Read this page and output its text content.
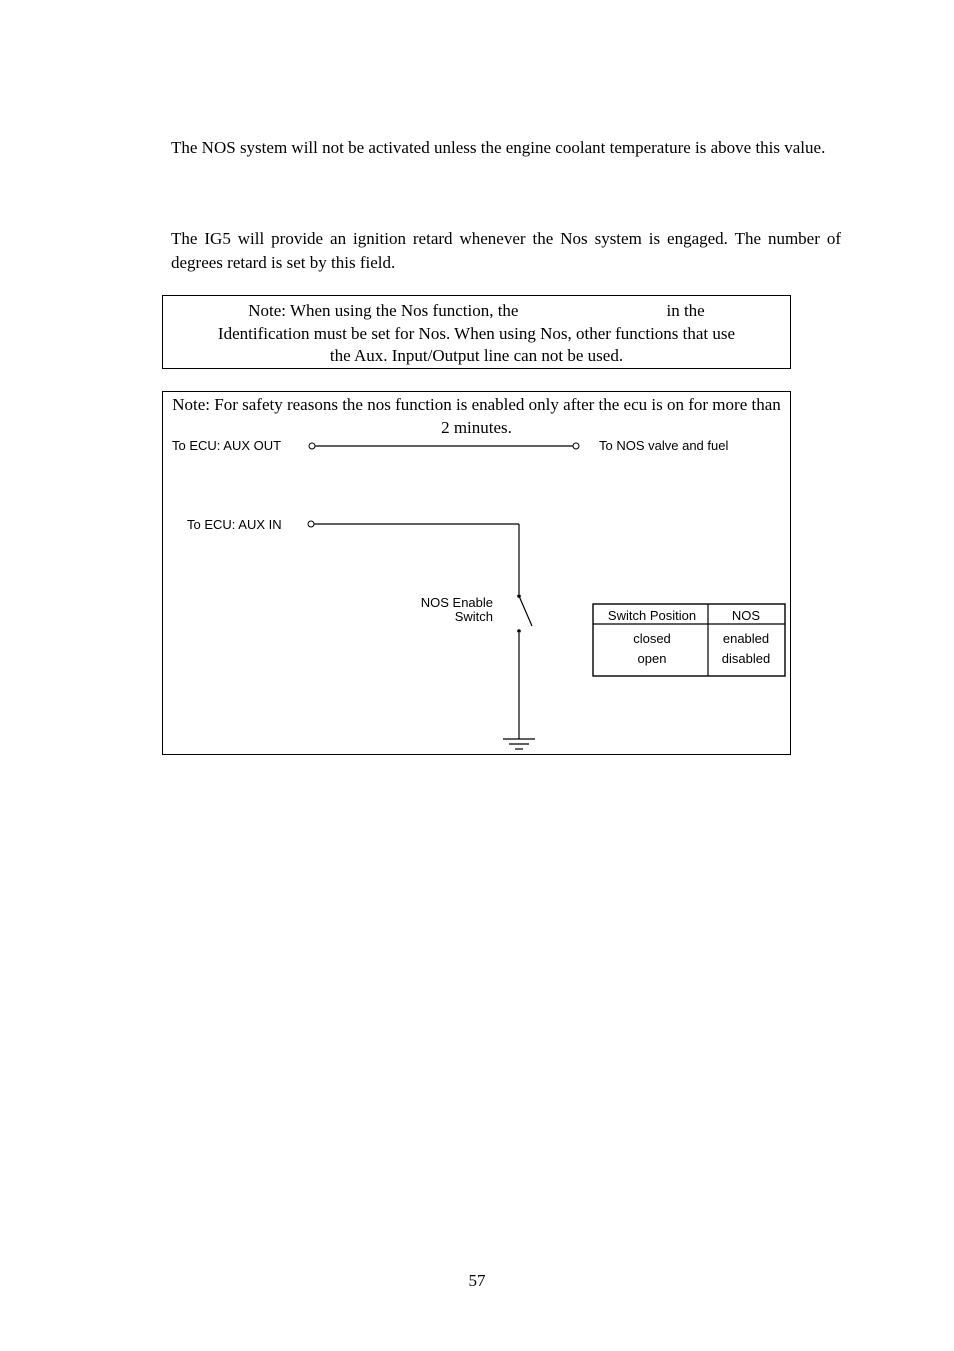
The NOS system will not be activated unless the engine coolant temperature is above this value.

The IG5 will provide an ignition retard whenever the Nos system is engaged. The number of degrees retard is set by this field.

Note: When using the Nos function, the	in the
Identification must be set for Nos. When using Nos, other functions that use
the Aux. Input/Output line can not be used.

Note: For safety reasons the nos function is enabled only after the ecu is on for more than 2 minutes.

To ECU: AUX OUT	To NOS valve and fuel
To ECU: AUX IN
NOS Enable
Switch	Switch Position	NOS
closed	enabled
open	disabled
57
